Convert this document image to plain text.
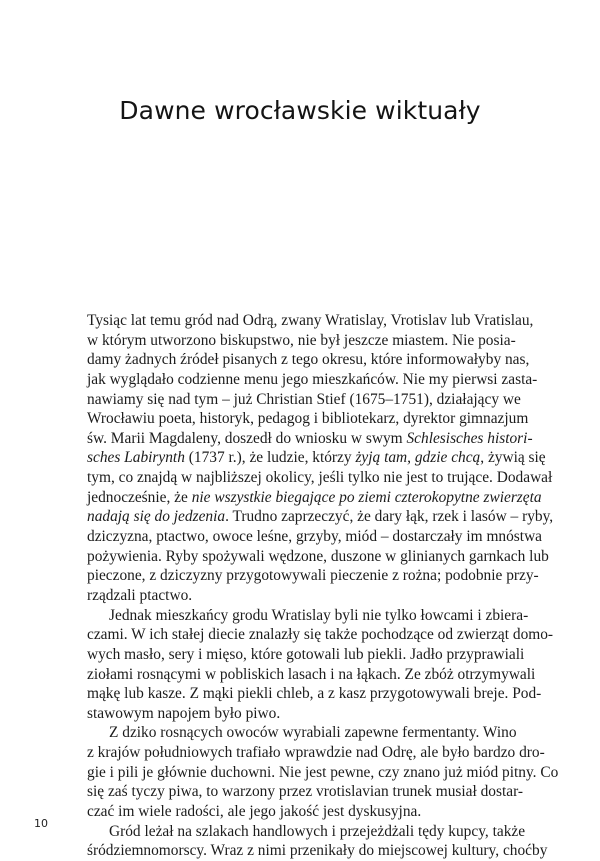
Dawne wrocławskie wiktuały
Tysiąc lat temu gród nad Odrą, zwany Wratislay, Vrotislav lub Vratislau,
w którym utworzono biskupstwo, nie był jeszcze miastem. Nie posia-
damy żadnych źródeł pisanych z tego okresu, które informowałyby nas,
jak wyglądało codzienne menu jego mieszkańców. Nie my pierwsi zasta-
nawiamy się nad tym – już Christian Stief (1675–1751), działający we
Wrocławiu poeta, historyk, pedagog i bibliotekarz, dyrektor gimnazjum
św. Marii Magdaleny, doszedł do wniosku w swym Schlesisches histori-
sches Labirynth (1737 r.), że ludzie, którzy żyją tam, gdzie chcą, żywią się
tym, co znajdą w najbliższej okolicy, jeśli tylko nie jest to trujące. Dodawał
jednocześnie, że nie wszystkie biegające po ziemi czterokopytne zwierzęta
nadają się do jedzenia. Trudno zaprzeczyć, że dary łąk, rzek i lasów – ryby,
dziczyzna, ptactwo, owoce leśne, grzyby, miód – dostarczały im mnóstwa
pożywienia. Ryby spożywali wędzone, duszone w glinianych garnkach lub
pieczone, z dziczyzny przygotowywali pieczenie z rożna; podobnie przy-
rządzali ptactwo.
Jednak mieszkańcy grodu Wratislay byli nie tylko łowcami i zbiera-
czami. W ich stałej diecie znalazły się także pochodzące od zwierząt domo-
wych masło, sery i mięso, które gotowali lub piekli. Jadło przyprawiali
ziołami rosnącymi w pobliskich lasach i na łąkach. Ze zbóż otrzymywali
mąkę lub kasze. Z mąki piekli chleb, a z kasz przygotowywali breje. Pod-
stawowym napojem było piwo.
Z dziko rosnących owoców wyrabiali zapewne fermentanty. Wino
z krajów południowych trafiało wprawdzie nad Odrę, ale było bardzo dro-
gie i pili je głównie duchowni. Nie jest pewne, czy znano już miód pitny. Co
się zaś tyczy piwa, to warzony przez vrotislavian trunek musiał dostar-
czać im wiele radości, ale jego jakość jest dyskusyjna.
Gród leżał na szlakach handlowych i przejeżdżali tędy kupcy, także
śródziemnomorscy. Wraz z nimi przenikały do miejscowej kultury, choćby
10
